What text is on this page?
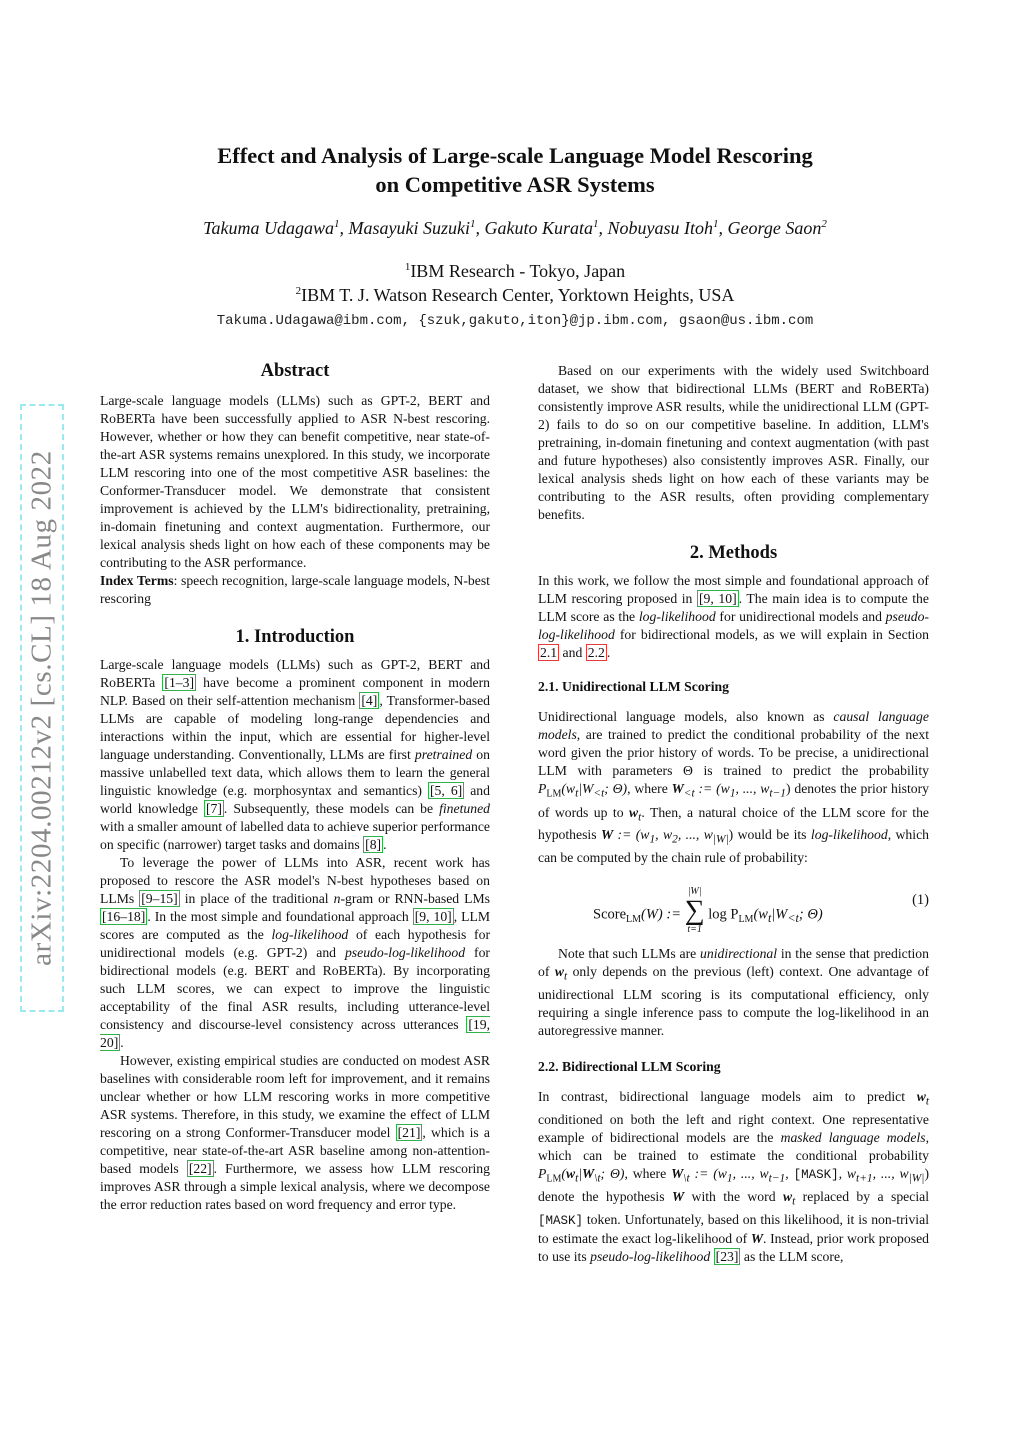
arXiv:2204.00212v2 [cs.CL] 18 Aug 2022
Effect and Analysis of Large-scale Language Model Rescoring
on Competitive ASR Systems
Takuma Udagawa$^1$, Masayuki Suzuki$^1$, Gakuto Kurata$^1$, Nobuyasu Itoh$^1$, George Saon$^2$
$^1$IBM Research - Tokyo, Japan
$^2$IBM T. J. Watson Research Center, Yorktown Heights, USA
Takuma.Udagawa@ibm.com, {szuk,gakuto,iton}@jp.ibm.com, gsaon@us.ibm.com

Abstract

Large-scale language models (LLMs) such as GPT-2, BERT and RoBERTa have been successfully applied to ASR N-best rescoring. However, whether or how they can benefit competitive, near state-of-the-art ASR systems remains unexplored. In this study, we incorporate LLM rescoring into one of the most competitive ASR baselines: the Conformer-Transducer model. We demonstrate that consistent improvement is achieved by the LLM's bidirectionality, pretraining, in-domain finetuning and context augmentation. Furthermore, our lexical analysis sheds light on how each of these components may be contributing to the ASR performance.

Index Terms: speech recognition, large-scale language models, N-best rescoring

1. Introduction

Large-scale language models (LLMs) such as GPT-2, BERT and RoBERTa [1–3] have become a prominent component in modern NLP. Based on their self-attention mechanism [4] , Transformer-based LLMs are capable of modeling long-range dependencies and interactions within the input, which are essential for higher-level language understanding. Conventionally, LLMs are first pretrained on massive unlabelled text data, which allows them to learn the general linguistic knowledge (e.g. morphosyntax and semantics) [5, 6] and world knowledge [7] . Subsequently, these models can be finetuned with a smaller amount of labelled data to achieve superior performance on specific (narrower) target tasks and domains [8] .

To leverage the power of LLMs into ASR, recent work has proposed to rescore the ASR model's N-best hypotheses based on LLMs [9–15] in place of the traditional n-gram or RNN-based LMs [16–18] . In the most simple and foundational approach [9, 10] , LLM scores are computed as the log-likelihood of each hypothesis for unidirectional models (e.g. GPT-2) and pseudo-log-likelihood for bidirectional models (e.g. BERT and RoBERTa). By incorporating such LLM scores, we can expect to improve the linguistic acceptability of the final ASR results, including utterance-level consistency and discourse-level consistency across utterances [19, 20] .

However, existing empirical studies are conducted on modest ASR baselines with considerable room left for improvement, and it remains unclear whether or how LLM rescoring works in more competitive ASR systems. Therefore, in this study, we examine the effect of LLM rescoring on a strong Conformer-Transducer model [21] , which is a competitive, near state-of-the-art ASR baseline among non-attention-based models [22] . Furthermore, we assess how LLM rescoring improves ASR through a simple lexical analysis, where we decompose the error reduction rates based on word frequency and error type.

Based on our experiments with the widely used Switchboard dataset, we show that bidirectional LLMs (BERT and RoBERTa) consistently improve ASR results, while the unidirectional LLM (GPT-2) fails to do so on our competitive baseline. In addition, LLM's pretraining, in-domain finetuning and context augmentation (with past and future hypotheses) also consistently improves ASR. Finally, our lexical analysis sheds light on how each of these variants may be contributing to the ASR results, often providing complementary benefits.

2. Methods

In this work, we follow the most simple and foundational approach of LLM rescoring proposed in [9, 10] . The main idea is to compute the LLM score as the log-likelihood for unidirectional models and pseudo-log-likelihood for bidirectional models, as we will explain in Section 2.1 and 2.2 .

2.1. Unidirectional LLM Scoring

Unidirectional language models, also known as causal language models, are trained to predict the conditional probability of the next word given the prior history of words. To be precise, a unidirectional LLM with parameters Θ is trained to predict the probability $P_{LM}(w_t|W_{<t}$; Θ), where $W_{<t}$ := ($w_1$, ..., $w_{t-1}$) denotes the prior history of words up to $w_t$. Then, a natural choice of the LLM score for the hypothesis W := ($w_1$, $w_2$, ..., $w_{|W|}$) would be its log-likelihood, which can be computed by the chain rule of probability:

Score$_{LM}$(W) :=
|W|
∑
t=1
$\log P_{LM}(w_t|W_{<t}$; Θ)
(1)

Note that such LLMs are unidirectional in the sense that prediction of $w_t$ only depends on the previous (left) context. One advantage of unidirectional LLM scoring is its computational efficiency, only requiring a single inference pass to compute the log-likelihood in an autoregressive manner.

2.2. Bidirectional LLM Scoring

In contrast, bidirectional language models aim to predict $w_t$ conditioned on both the left and right context. One representative example of bidirectional models are the masked language models, which can be trained to estimate the conditional probability $P_{LM}(w_t|W_{\backslash t}$; Θ), where $W_{\backslash t}$ := ($w_1$, ..., $w_{t-1}$, [MASK], $w_{t+1}$, ..., $w_{|W|}$) denote the hypothesis W with the word $w_t$ replaced by a special [MASK] token. Unfortunately, based on this likelihood, it is non-trivial to estimate the exact log-likelihood of W. Instead, prior work proposed to use its pseudo-log-likelihood [23] as the LLM score,
